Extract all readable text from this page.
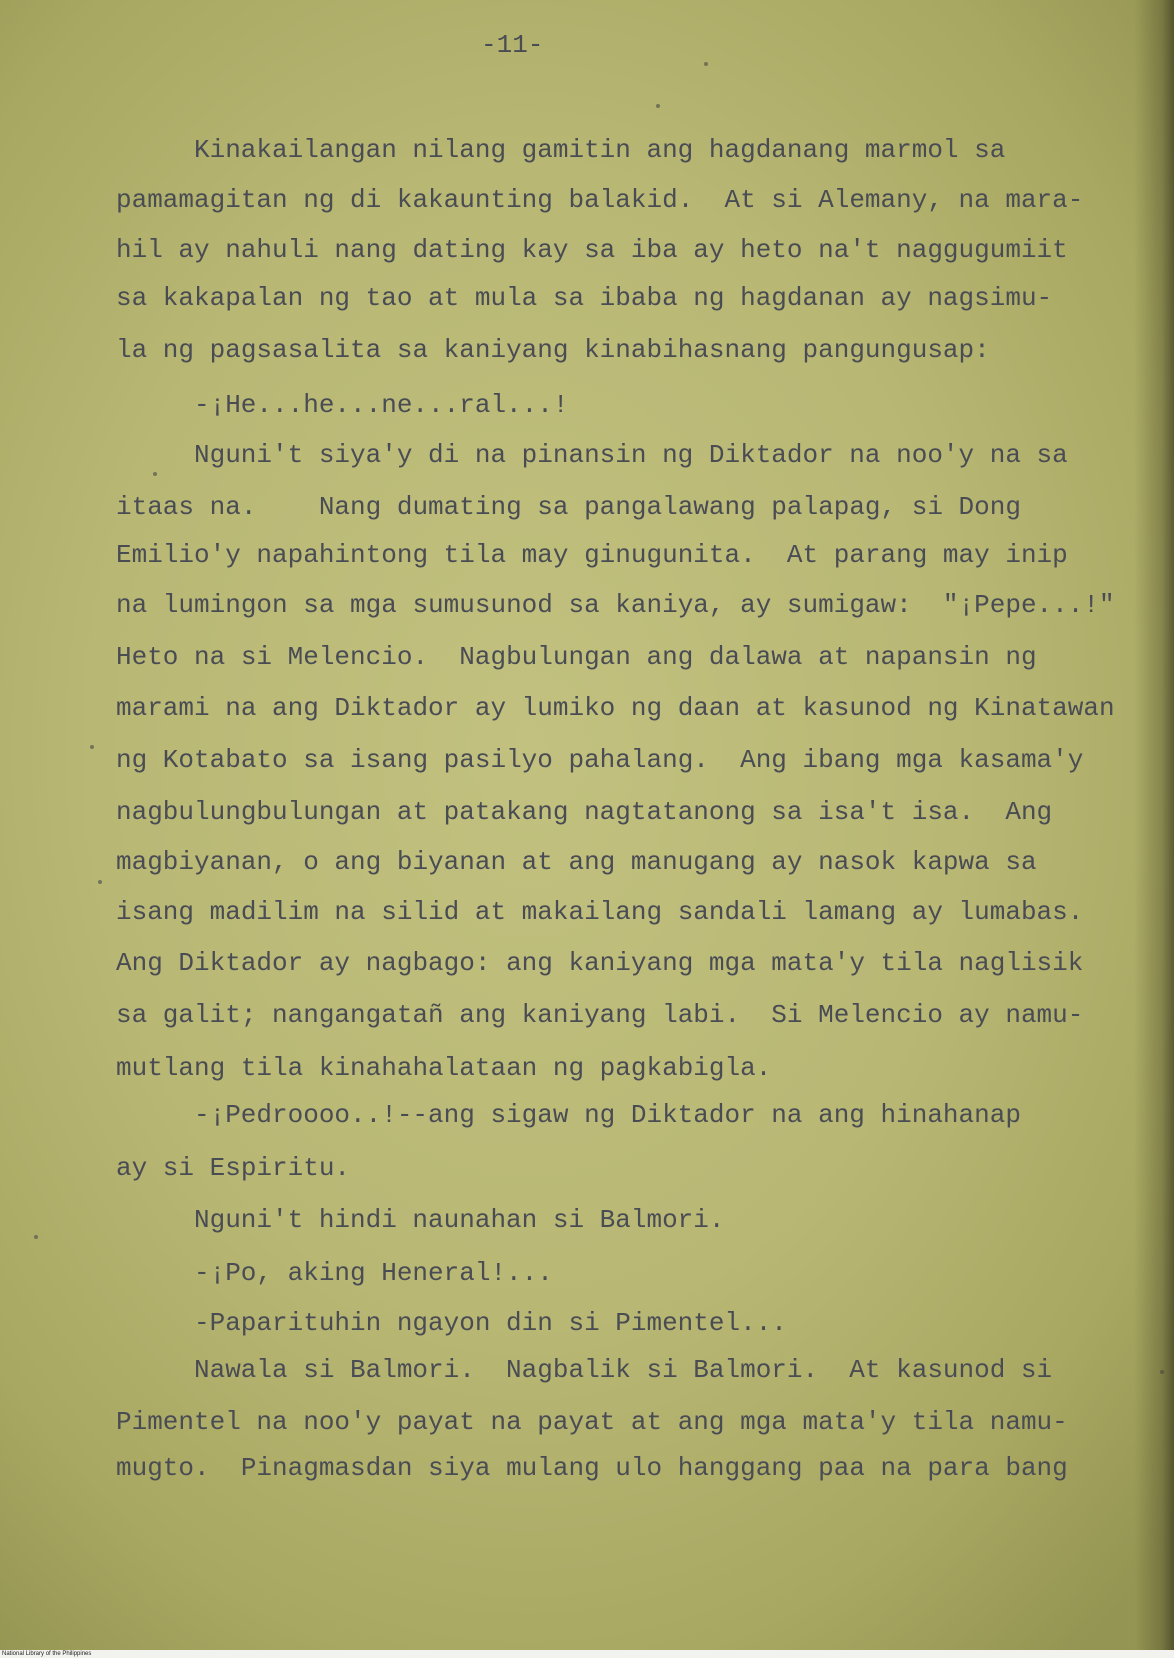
-11-
Kinakailangan nilang gamitin ang hagdanang marmol sa
pamamagitan ng di kakaunting balakid.  At si Alemany, na mara-
hil ay nahuli nang dating kay sa iba ay heto na't naggugumiit
sa kakapalan ng tao at mula sa ibaba ng hagdanan ay nagsimu-
la ng pagsasalita sa kaniyang kinabihasnang pangungusap:
-¡He...he...ne...ral...!
Nguni't siya'y di na pinansin ng Diktador na noo'y na sa
itaas na.    Nang dumating sa pangalawang palapag, si Dong
Emilio'y napahintong tila may ginugunita.  At parang may inip
na lumingon sa mga sumusunod sa kaniya, ay sumigaw:  "¡Pepe...!"
Heto na si Melencio.  Nagbulungan ang dalawa at napansin ng
marami na ang Diktador ay lumiko ng daan at kasunod ng Kinatawan
ng Kotabato sa isang pasilyo pahalang.  Ang ibang mga kasama'y
nagbulungbulungan at patakang nagtatanong sa isa't isa.  Ang
magbiyanan, o ang biyanan at ang manugang ay nasok kapwa sa
isang madilim na silid at makailang sandali lamang ay lumabas.
Ang Diktador ay nagbago: ang kaniyang mga mata'y tila naglisik
sa galit; nangangatañ ang kaniyang labi.  Si Melencio ay namu-
mutlang tila kinahahalataan ng pagkabigla.
-¡Pedroooo..!--ang sigaw ng Diktador na ang hinahanap
ay si Espiritu.
Nguni't hindi naunahan si Balmori.
-¡Po, aking Heneral!...
-Paparituhin ngayon din si Pimentel...
Nawala si Balmori.  Nagbalik si Balmori.  At kasunod si
Pimentel na noo'y payat na payat at ang mga mata'y tila namu-
mugto.  Pinagmasdan siya mulang ulo hanggang paa na para bang
National Library of the Philippines
